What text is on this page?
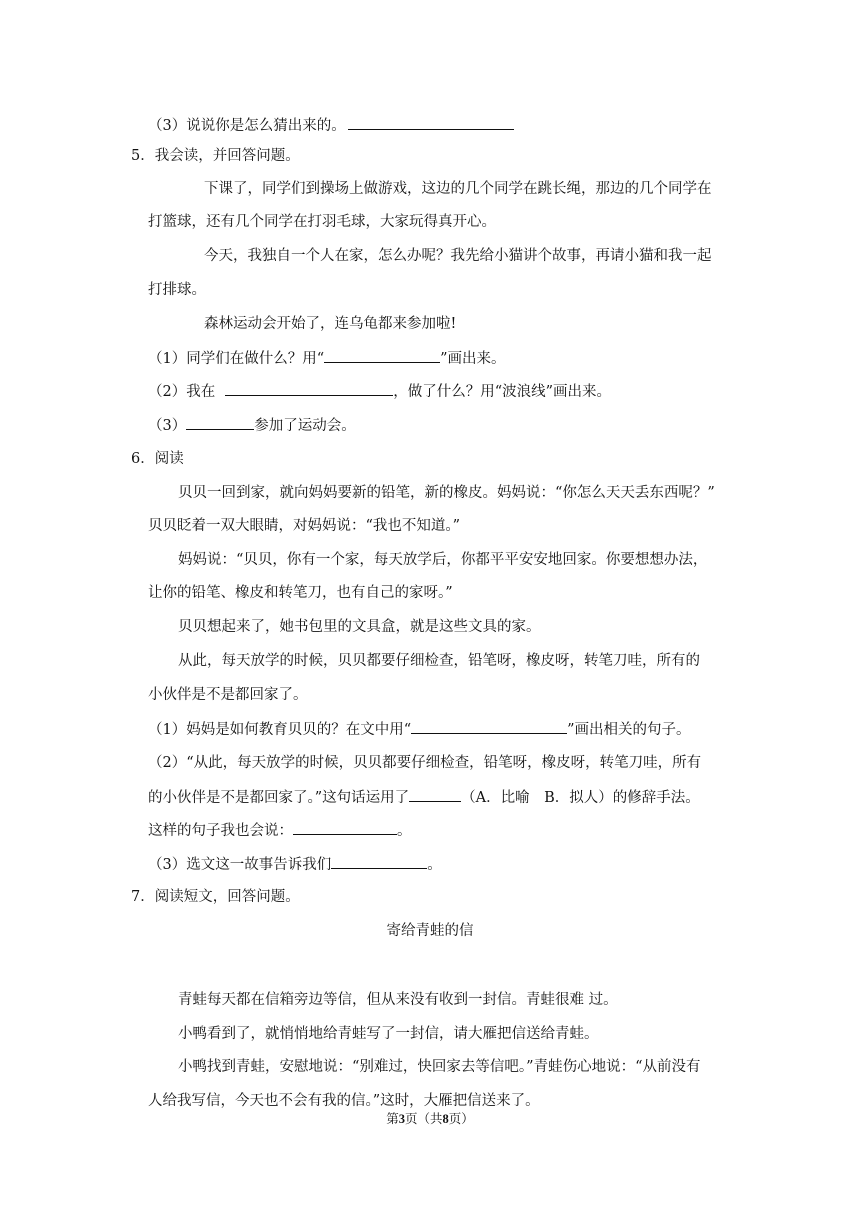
（3）说说你是怎么猜出来的。
5．我会读，并回答问题。
下课了，同学们到操场上做游戏，这边的几个同学在跳长绳，那边的几个同学在
打篮球，还有几个同学在打羽毛球，大家玩得真开心。
今天，我独自一个人在家，怎么办呢？我先给小猫讲个故事，再请小猫和我一起
打排球。
森林运动会开始了，连乌龟都来参加啦!
（1）同学们在做什么？用“	”画出来。
（2）我在	，做了什么？用“波浪线”画出来。
（3）	参加了运动会。
6．阅读
贝贝一回到家，就向妈妈要新的铅笔，新的橡皮。妈妈说：“你怎么天天丢东西呢？”
贝贝眨着一双大眼睛，对妈妈说：“我也不知道。”
妈妈说：“贝贝，你有一个家，每天放学后，你都平平安安地回家。你要想想办法，
让你的铅笔、橡皮和转笔刀，也有自己的家呀。”
贝贝想起来了，她书包里的文具盒，就是这些文具的家。
从此，每天放学的时候，贝贝都要仔细检查，铅笔呀，橡皮呀，转笔刀哇，所有的
小伙伴是不是都回家了。
（1）妈妈是如何教育贝贝的？在文中用“	”画出相关的句子。
（2）“从此，每天放学的时候，贝贝都要仔细检查，铅笔呀，橡皮呀，转笔刀哇，所有
的小伙伴是不是都回家了。”这句话运用了	（A．比喻　B．拟人）的修辞手法。
这样的句子我也会说：	。
（3）选文这一故事告诉我们	。
7．阅读短文，回答问题。
寄给青蛙的信
青蛙每天都在信箱旁边等信，但从来没有收到一封信。青蛙很难 过。
小鸭看到了，就悄悄地给青蛙写了一封信，请大雁把信送给青蛙。
小鸭找到青蛙，安慰地说：“别难过，快回家去等信吧。”青蛙伤心地说：“从前没有
人给我写信，今天也不会有我的信。”这时，大雁把信送来了。
第3页（共8页）
